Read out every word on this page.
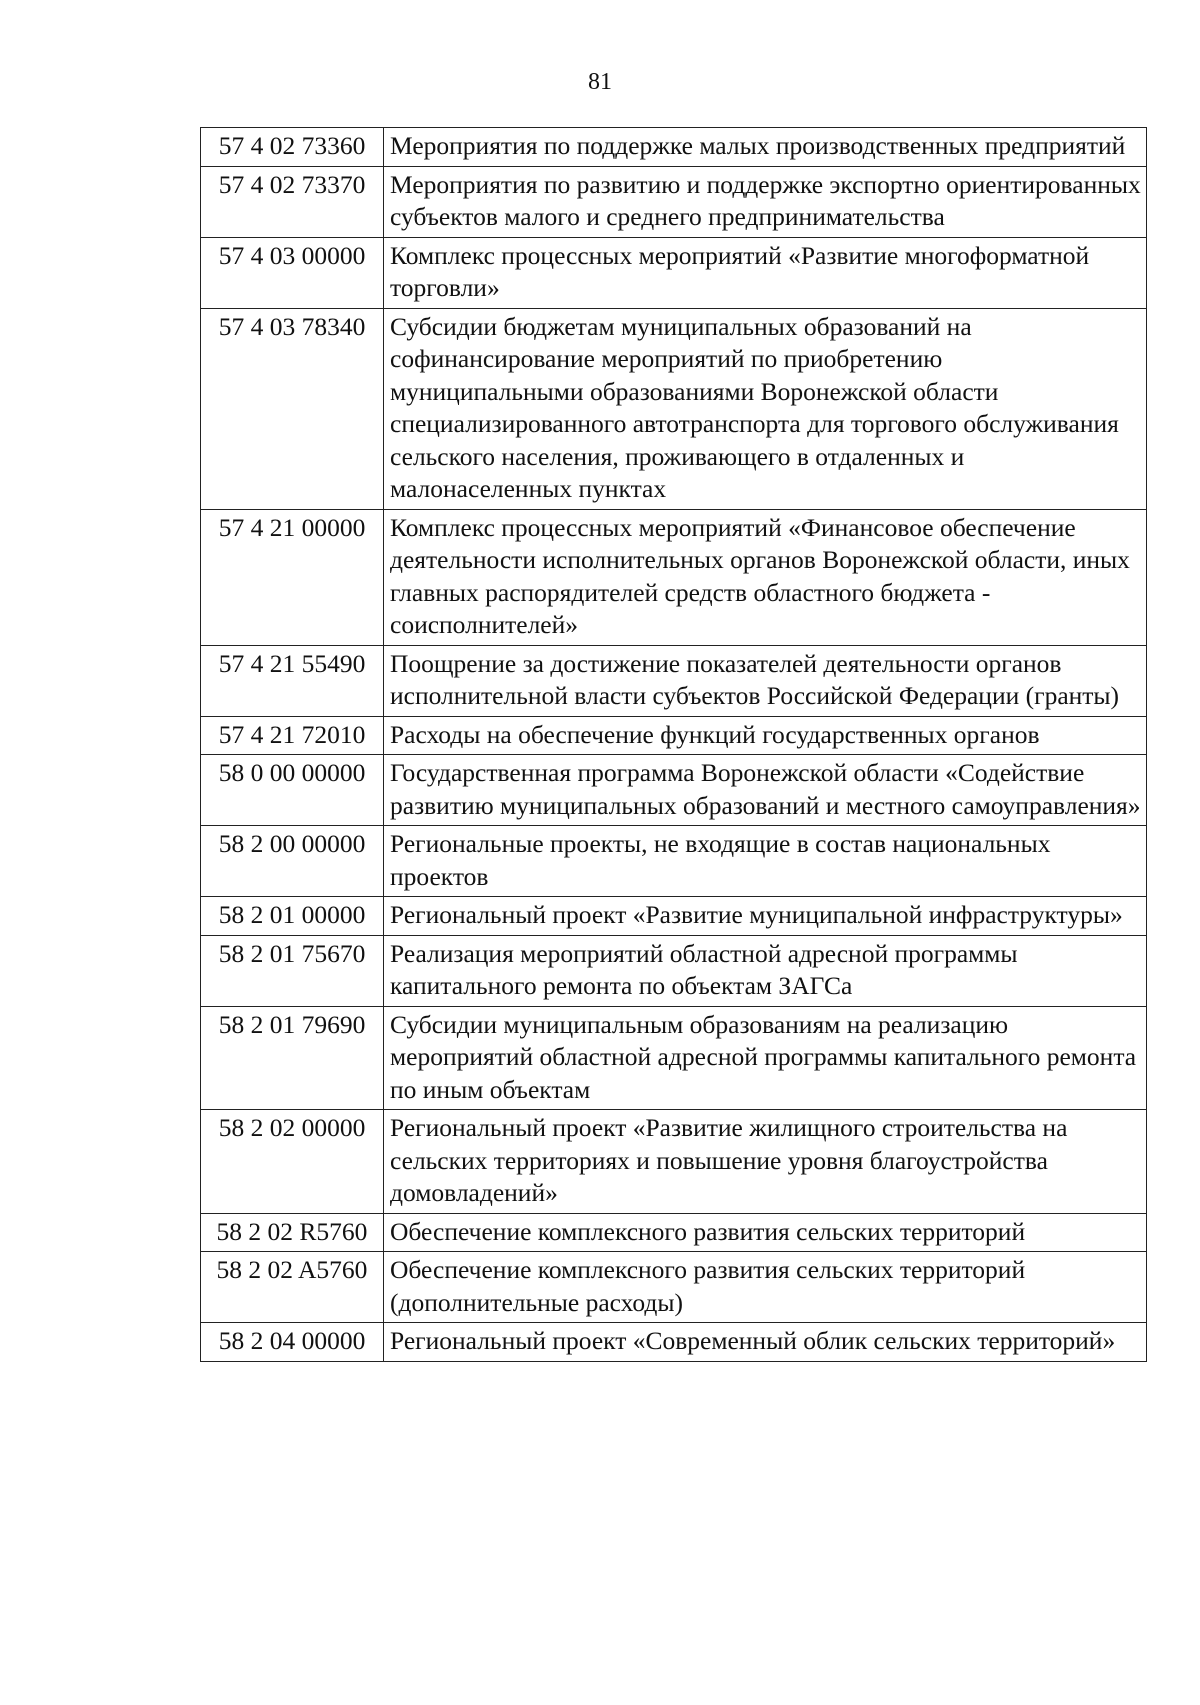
81
57 4 02 73360	Мероприятия по поддержке малых производственных предприятий
57 4 02 73370	Мероприятия по развитию и поддержке экспортно ориентированных субъектов малого и среднего предпринимательства
57 4 03 00000	Комплекс процессных мероприятий «Развитие многоформатной торговли»
57 4 03 78340	Субсидии бюджетам муниципальных образований на софинансирование мероприятий по приобретению муниципальными образованиями Воронежской области специализированного автотранспорта для торгового обслуживания сельского населения, проживающего в отдаленных и малонаселенных пунктах
57 4 21 00000	Комплекс процессных мероприятий «Финансовое обеспечение деятельности исполнительных органов Воронежской области, иных главных распорядителей средств областного бюджета - соисполнителей»
57 4 21 55490	Поощрение за достижение показателей деятельности органов исполнительной власти субъектов Российской Федерации (гранты)
57 4 21 72010	Расходы на обеспечение функций государственных органов
58 0 00 00000	Государственная программа Воронежской области «Содействие развитию муниципальных образований и местного самоуправления»
58 2 00 00000	Региональные проекты, не входящие в состав национальных проектов
58 2 01 00000	Региональный проект «Развитие муниципальной инфраструктуры»
58 2 01 75670	Реализация мероприятий областной адресной программы капитального ремонта по объектам ЗАГСа
58 2 01 79690	Субсидии муниципальным образованиям на реализацию мероприятий областной адресной программы капитального ремонта по иным объектам
58 2 02 00000	Региональный проект «Развитие жилищного строительства на сельских территориях и повышение уровня благоустройства домовладений»
58 2 02 R5760	Обеспечение комплексного развития сельских территорий
58 2 02 A5760	Обеспечение комплексного развития сельских территорий (дополнительные расходы)
58 2 04 00000	Региональный проект «Современный облик сельских территорий»
